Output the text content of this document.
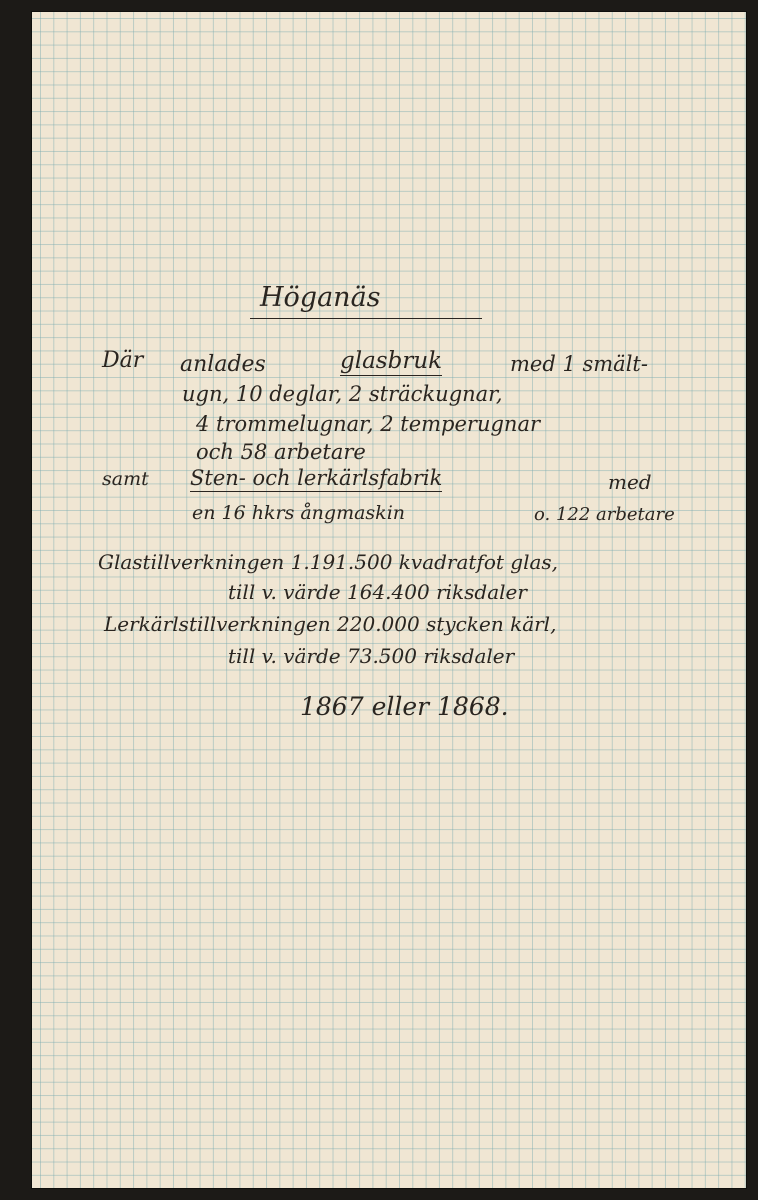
Höganäs
Där anlades	glasbruk	med 1 smält-
ugn, 10 deglar, 2 sträckugnar,
4 trommelugnar, 2 temperugnar
och 58 arbetare
samt Sten- och lerkärlsfabrik	med
en 16 hkrs ångmaskin	o. 122 arbetare
Glastillverkningen 1.191.500 kvadratfot glas,
till v. värde 164.400 riksdaler
Lerkärlstillverkningen 220.000 stycken kärl,
till v. värde 73.500 riksdaler
1867 eller 1868.
